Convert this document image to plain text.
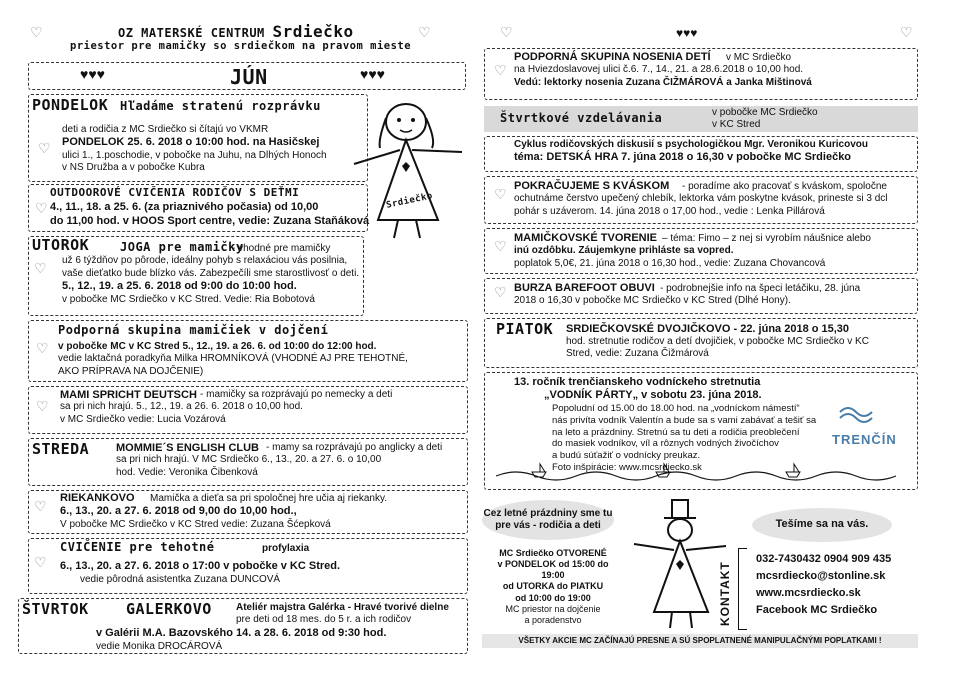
OZ MATERSKÉ CENTRUM Srdiečko
priestor pre mamičky so srdiečkom na pravom mieste
♡	♡	♡	♥♥♥	♡
♥♥♥	JÚN	♥♥♥
PONDELOK Hľadáme stratenú rozprávku
♡
deti a rodičia z MC Srdiečko si čítajú vo VKMR
PONDELOK 25. 6. 2018 o 10:00 hod. na Hasičskej
ulici 1., 1.poschodie, v pobočke na Juhu, na Dlhých Honoch
v NS Družba a v pobočke Kubra
♡
OUTDOOROVÉ CVIČENIA RODIČOV S DEŤMI
4., 11., 18. a 25. 6. (za priaznivého počasia) od 10,00
do 11,00 hod. v HOOS Sport centre, vedie: Zuzana Staňáková
UTOROK	JOGA pre mamičky
♡
- vhodné pre mamičky
už 6 týždňov po pôrode, ideálny pohyb s relaxáciou vás posilnia,
vaše dieťatko bude blízko vás. Zabezpečíli sme starostlivosť o deti.
5., 12., 19. a 25. 6. 2018 od 9:00 do 10:00 hod.
v pobočke MC Srdiečko v KC Stred. Vedie: Ria Bobotová
♡
Podporná skupina mamičiek v dojčení
v pobočke MC v KC Stred 5., 12., 19. a 26. 6. od 10:00 do 12:00 hod.
vedie laktačná poradkyňa Milka HROMNÍKOVÁ (VHODNÉ AJ PRE TEHOTNÉ,
AKO PRÍPRAVA NA DOJČENIE)
♡
MAMI SPRICHT DEUTSCH - mamičky sa rozprávajú po nemecky a deti
sa pri nich hrajú. 5., 12., 19. a 26. 6. 2018 o 10,00 hod.
v MC Srdiečko vedie: Lucia Vozárová
STREDA MOMMIE´S ENGLISH CLUB - mamy sa rozprávajú po anglicky a deti
sa pri nich hrajú. V MC Srdiečko 6., 13., 20. a 27. 6. o 10,00
hod. Vedie: Veronika Čibenková
♡ RIEKANKOVO Mamička a dieťa sa pri spoločnej hre učia aj riekanky.
6., 13., 20. a 27. 6. 2018 od 9,00 do 10,00 hod.,
V pobočke MC Srdiečko v KC Stred vedie: Zuzana Šćepková
♡
CVIČENIE pre tehotné	profylaxia
6., 13., 20. a 27. 6. 2018 o 17:00 v pobočke v KC Stred.
vedie pôrodná asistentka Zuzana DUNCOVÁ
ŠTVRTOK GALERKOVO Ateliér majstra Galérka - Hravé tvorivé dielne
pre deti od 18 mes. do 5 r. a ich rodičov
v Galérii M.A. Bazovského 14. a 28. 6. 2018 od 9:30 hod.
vedie Monika DROCÁROVÁ
Srdiečko
♡
PODPORNÁ SKUPINA NOSENIA DETÍ v MC Srdiečko
na Hviezdoslavovej ulici č.6. 7., 14., 21. a 28.6.2018 o 10,00 hod.
Vedú: lektorky nosenia Zuzana ČIŽMÁROVÁ a Janka Mištinová
Štvrtkové vzdelávania	v pobočke MC Srdiečko
v KC Stred
Cyklus rodičovských diskusií s psychologičkou Mgr. Veronikou Kuricovou
téma: DETSKÁ HRA 7. júna 2018 o 16,30 v pobočke MC Srdiečko
♡ POKRAČUJEME S KVÁSKOM - poradíme ako pracovať s kváskom, spoločne
ochutnáme čerstvo upečený chlebík, lektorka vám poskytne kvások, prineste si 3 dcl
pohár s uzáverom. 14. júna 2018 o 17,00 hod., vedie : Lenka Pillárová
♡ MAMIČKOVSKÉ TVORENIE – téma: Fimo – z nej si vyrobím náušnice alebo
inú ozdôbku. Záujemkyne prihláste sa vopred.
poplatok 5,0€, 21. júna 2018 o 16,30 hod., vedie: Zuzana Chovancová
♡ BURZA BAREFOOT OBUVI - podrobnejšie info na špeci letáčiku, 28. júna
2018 o 16,30 v pobočke MC Srdiečko v KC Stred (Dlhé Hony).
PIATOK SRDIEČKOVSKÉ DVOJIČKOVO - 22. júna 2018 o 15,30
hod. stretnutie rodičov a detí dvojičiek, v pobočke MC Srdiečko v KC
Stred, vedie: Zuzana Čižmárová
13. ročník trenčianskeho vodníckeho stretnutia
„VODNÍK PÁRTY„ v sobotu 23. júna 2018.
Popoludní od 15.00 do 18.00 hod. na „vodníckom námestí“
nás privíta vodník Valentín a bude sa s vami zabávať a tešiť sa
na leto a prázdniny. Stretnú sa tu deti a rodičia preoblečení
do masiek vodníkov, víl a rôznych vodných živočíchov
a budú súťažiť o vodnícky preukaz.
Foto inšpirácie: www.mcsrdiecko.sk
TRENČÍN
Cez letné prázdniny sme tu
pre vás - rodičia a deti
MC Srdiečko OTVORENÉ
v PONDELOK od 15:00 do 19:00
od UTORKA do PIATKU
od 10:00 do 19:00
MC priestor na dojčenie
a poradenstvo
Tešíme sa na vás.
KONTAKT
032-7430432 0904 909 435
mcsrdiecko@stonline.sk
www.mcsrdiecko.sk
Facebook MC Srdiečko
VŠETKY AKCIE MC ZAČÍNAJÚ PRESNE A SÚ SPOPLATNENÉ MANIPULAČNÝMI POPLATKAMI !
